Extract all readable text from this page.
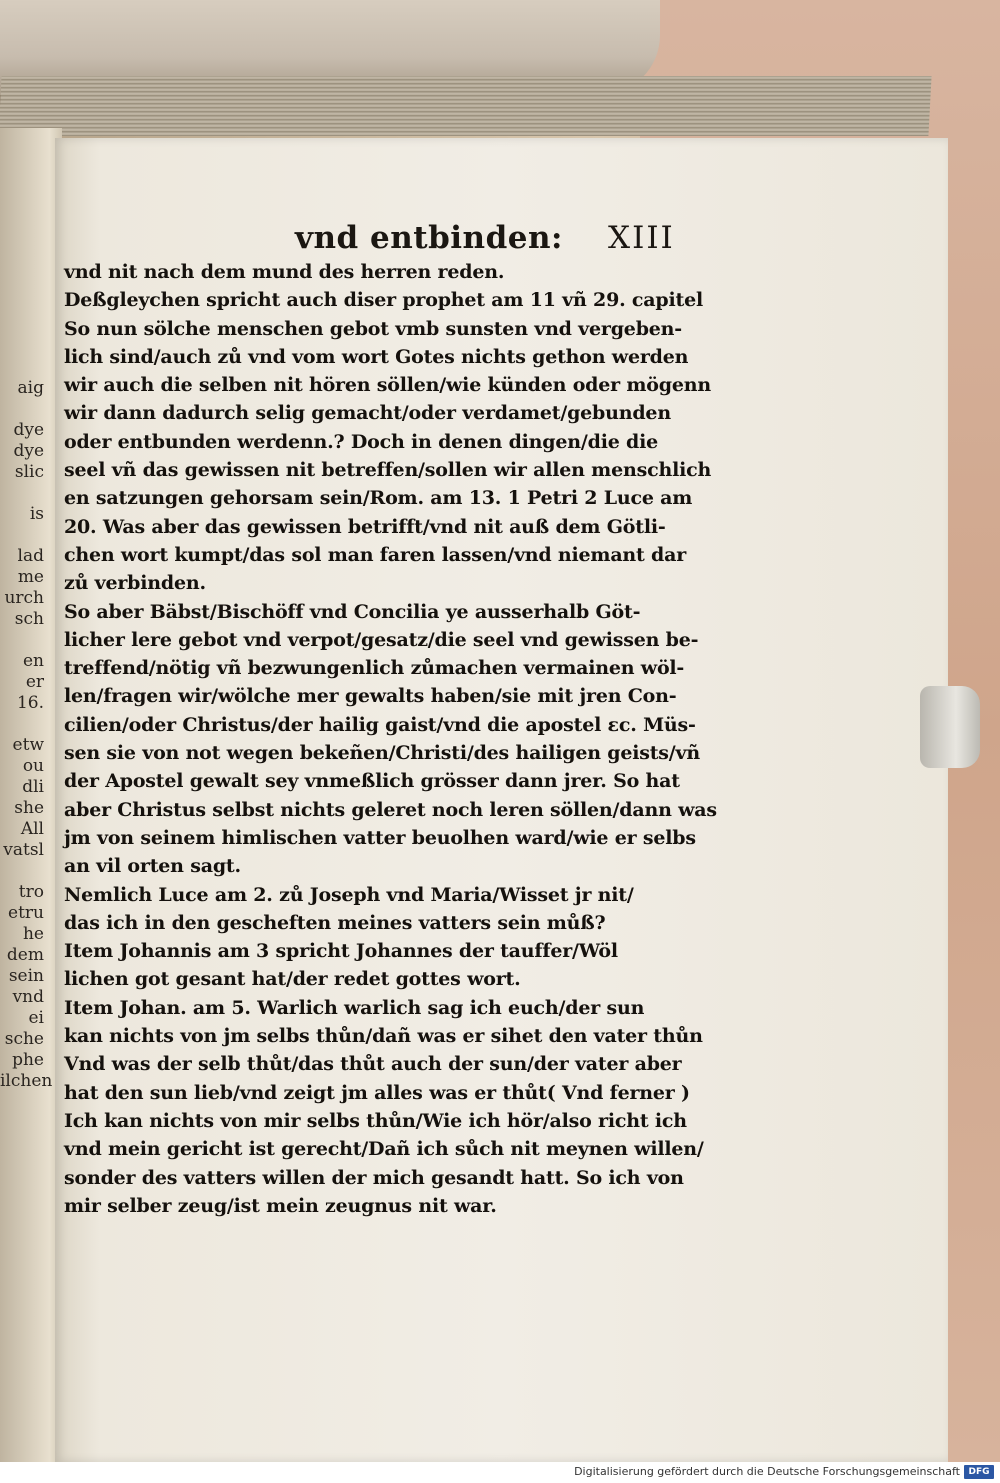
aig
dye
dye
slic
is
lad
me
urch
sch
en
er
16.
etw
ou
dli
she
All
vatsl
tro
etru
he
dem
sein
vnd
ei
sche
phe
ilchen
vnd entbinden: XIII
vnd nit nach dem mund des herren reden.
Deßgleychen spricht auch diser prophet am 11 vñ 29. capitel
So nun sölche menschen gebot vmb sunsten vnd vergeben-
lich sind/auch zů vnd vom wort Gotes nichts gethon werden
wir auch die selben nit hören söllen/wie künden oder mögenn
wir dann dadurch selig gemacht/oder verdamet/gebunden
oder entbunden werdenn.? Doch in denen dingen/die die
seel vñ das gewissen nit betreffen/sollen wir allen menschlich
en satzungen gehorsam sein/Rom. am 13. 1 Petri 2 Luce am
20. Was aber das gewissen betrifft/vnd nit auß dem Götli-
chen wort kumpt/das sol man faren lassen/vnd niemant dar
zů verbinden.
So aber Bäbst/Bischöff vnd Concilia ye ausserhalb Göt-
licher lere gebot vnd verpot/gesatz/die seel vnd gewissen be-
treffend/nötig vñ bezwungenlich zůmachen vermainen wöl-
len/fragen wir/wölche mer gewalts haben/sie mit jren Con-
cilien/oder Christus/der hailig gaist/vnd die apostel ɛc. Müs-
sen sie von not wegen bekeñen/Christi/des hailigen geists/vñ
der Apostel gewalt sey vnmeßlich grösser dann jrer. So hat
aber Christus selbst nichts geleret noch leren söllen/dann was
jm von seinem himlischen vatter beuolhen ward/wie er selbs
an vil orten sagt.
Nemlich Luce am 2. zů Joseph vnd Maria/Wisset jr nit/
das ich in den gescheften meines vatters sein můß?
Item Johannis am 3 spricht Johannes der tauffer/Wöl
lichen got gesant hat/der redet gottes wort.
Item Johan. am 5. Warlich warlich sag ich euch/der sun
kan nichts von jm selbs thůn/dañ was er sihet den vater thůn
Vnd was der selb thůt/das thůt auch der sun/der vater aber
hat den sun lieb/vnd zeigt jm alles was er thůt( Vnd ferner )
Ich kan nichts von mir selbs thůn/Wie ich hör/also richt ich
vnd mein gericht ist gerecht/Dañ ich sůch nit meynen willen/
sonder des vatters willen der mich gesandt hatt. So ich von
mir selber zeug/ist mein zeugnus nit war.
Digitalisierung gefördert durch die Deutsche Forschungsgemeinschaft DFG
